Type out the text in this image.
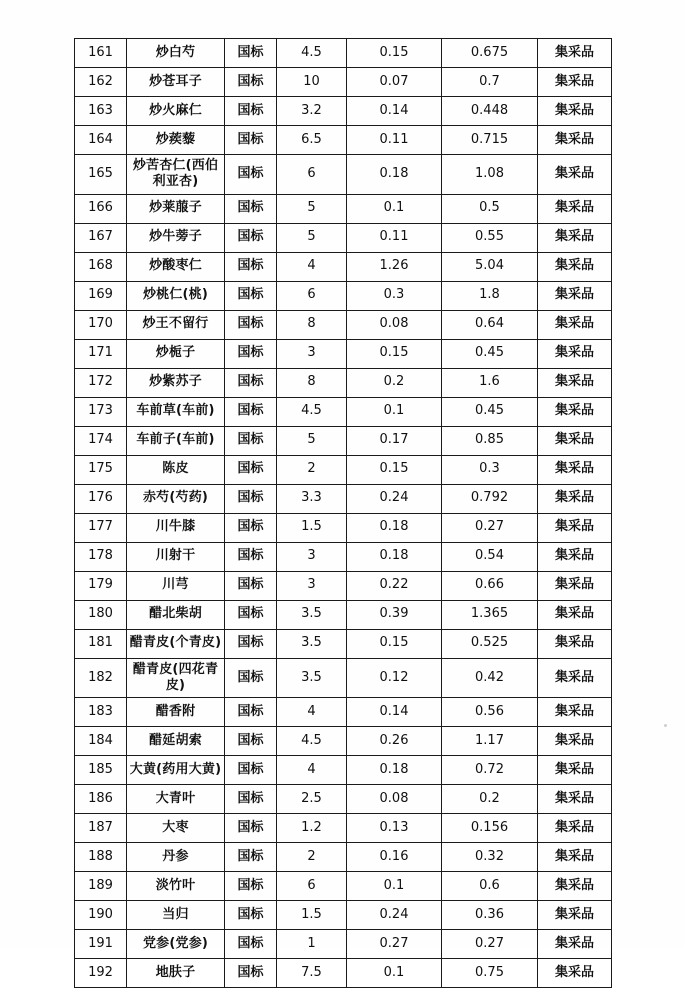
161	炒白芍	国标	4.5	0.15	0.675	集采品
162	炒苍耳子	国标	10	0.07	0.7	集采品
163	炒火麻仁	国标	3.2	0.14	0.448	集采品
164	炒蒺藜	国标	6.5	0.11	0.715	集采品
165	炒苦杏仁(西伯利亚杏)	国标	6	0.18	1.08	集采品
166	炒莱菔子	国标	5	0.1	0.5	集采品
167	炒牛蒡子	国标	5	0.11	0.55	集采品
168	炒酸枣仁	国标	4	1.26	5.04	集采品
169	炒桃仁(桃)	国标	6	0.3	1.8	集采品
170	炒王不留行	国标	8	0.08	0.64	集采品
171	炒栀子	国标	3	0.15	0.45	集采品
172	炒紫苏子	国标	8	0.2	1.6	集采品
173	车前草(车前)	国标	4.5	0.1	0.45	集采品
174	车前子(车前)	国标	5	0.17	0.85	集采品
175	陈皮	国标	2	0.15	0.3	集采品
176	赤芍(芍药)	国标	3.3	0.24	0.792	集采品
177	川牛膝	国标	1.5	0.18	0.27	集采品
178	川射干	国标	3	0.18	0.54	集采品
179	川芎	国标	3	0.22	0.66	集采品
180	醋北柴胡	国标	3.5	0.39	1.365	集采品
181	醋青皮(个青皮)	国标	3.5	0.15	0.525	集采品
182	醋青皮(四花青皮)	国标	3.5	0.12	0.42	集采品
183	醋香附	国标	4	0.14	0.56	集采品
184	醋延胡索	国标	4.5	0.26	1.17	集采品
185	大黄(药用大黄)	国标	4	0.18	0.72	集采品
186	大青叶	国标	2.5	0.08	0.2	集采品
187	大枣	国标	1.2	0.13	0.156	集采品
188	丹参	国标	2	0.16	0.32	集采品
189	淡竹叶	国标	6	0.1	0.6	集采品
190	当归	国标	1.5	0.24	0.36	集采品
191	党参(党参)	国标	1	0.27	0.27	集采品
192	地肤子	国标	7.5	0.1	0.75	集采品
